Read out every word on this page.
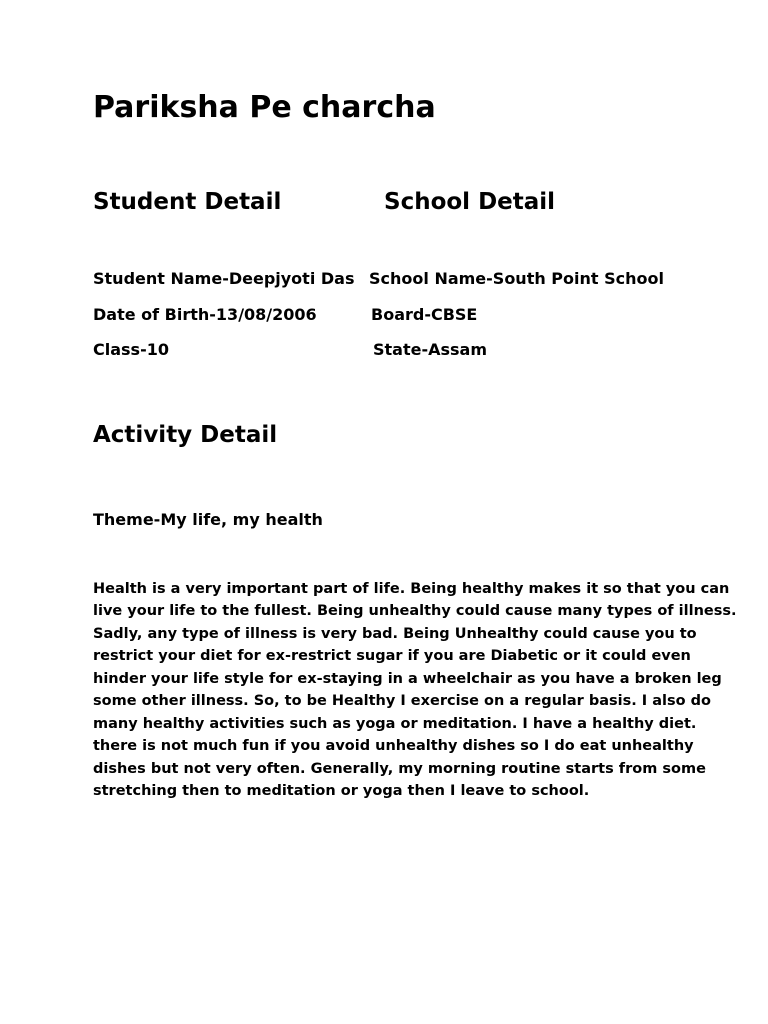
Pariksha Pe charcha
Student Detail	School Detail
Student Name-Deepjyoti Das
Date of Birth-13/08/2006
Class-10
School Name-South Point School
Board-CBSE
State-Assam
Activity Detail
Theme-My life, my health
Health is a very important part of life. Being healthy makes it so that you can
live your life to the fullest. Being unhealthy could cause many types of illness.
Sadly, any type of illness is very bad. Being Unhealthy could cause you to
restrict your diet for ex-restrict sugar if you are Diabetic or it could even
hinder your life style for ex-staying in a wheelchair as you have a broken leg
some other illness. So, to be Healthy I exercise on a regular basis. I also do
many healthy activities such as yoga or meditation. I have a healthy diet.
there is not much fun if you avoid unhealthy dishes so I do eat unhealthy
dishes but not very often. Generally, my morning routine starts from some
stretching then to meditation or yoga then I leave to school.
